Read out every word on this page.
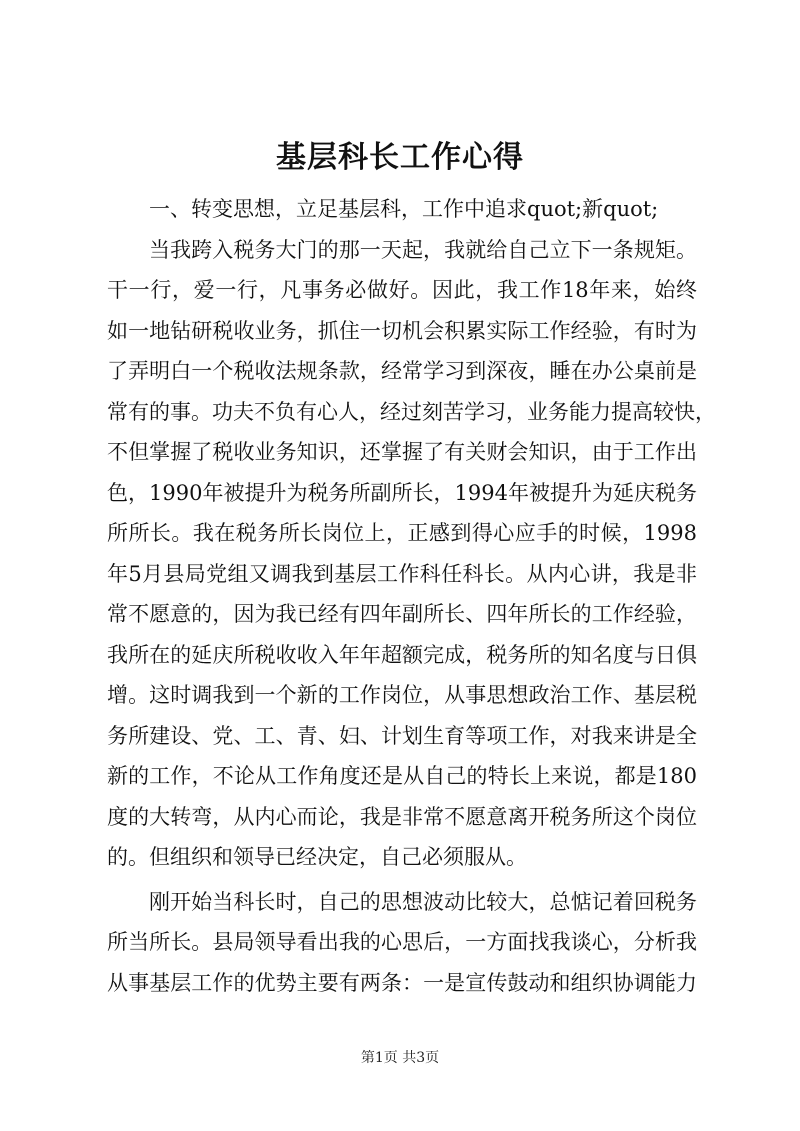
基层科长工作心得
一、转变思想，立足基层科，工作中追求quot;新quot;
当我跨入税务大门的那一天起，我就给自己立下一条规矩。
干一行，爱一行，凡事务必做好。因此，我工作18年来，始终
如一地钻研税收业务，抓住一切机会积累实际工作经验，有时为
了弄明白一个税收法规条款，经常学习到深夜，睡在办公桌前是
常有的事。功夫不负有心人，经过刻苦学习，业务能力提高较快，
不但掌握了税收业务知识，还掌握了有关财会知识，由于工作出
色，1990年被提升为税务所副所长，1994年被提升为延庆税务
所所长。我在税务所长岗位上，正感到得心应手的时候，1998
年5月县局党组又调我到基层工作科任科长。从内心讲，我是非
常不愿意的，因为我已经有四年副所长、四年所长的工作经验，
我所在的延庆所税收收入年年超额完成，税务所的知名度与日俱
增。这时调我到一个新的工作岗位，从事思想政治工作、基层税
务所建设、党、工、青、妇、计划生育等项工作，对我来讲是全
新的工作，不论从工作角度还是从自己的特长上来说，都是180
度的大转弯，从内心而论，我是非常不愿意离开税务所这个岗位
的。但组织和领导已经决定，自己必须服从。
刚开始当科长时，自己的思想波动比较大，总惦记着回税务
所当所长。县局领导看出我的心思后，一方面找我谈心，分析我
从事基层工作的优势主要有两条：一是宣传鼓动和组织协调能力
第1页 共3页
